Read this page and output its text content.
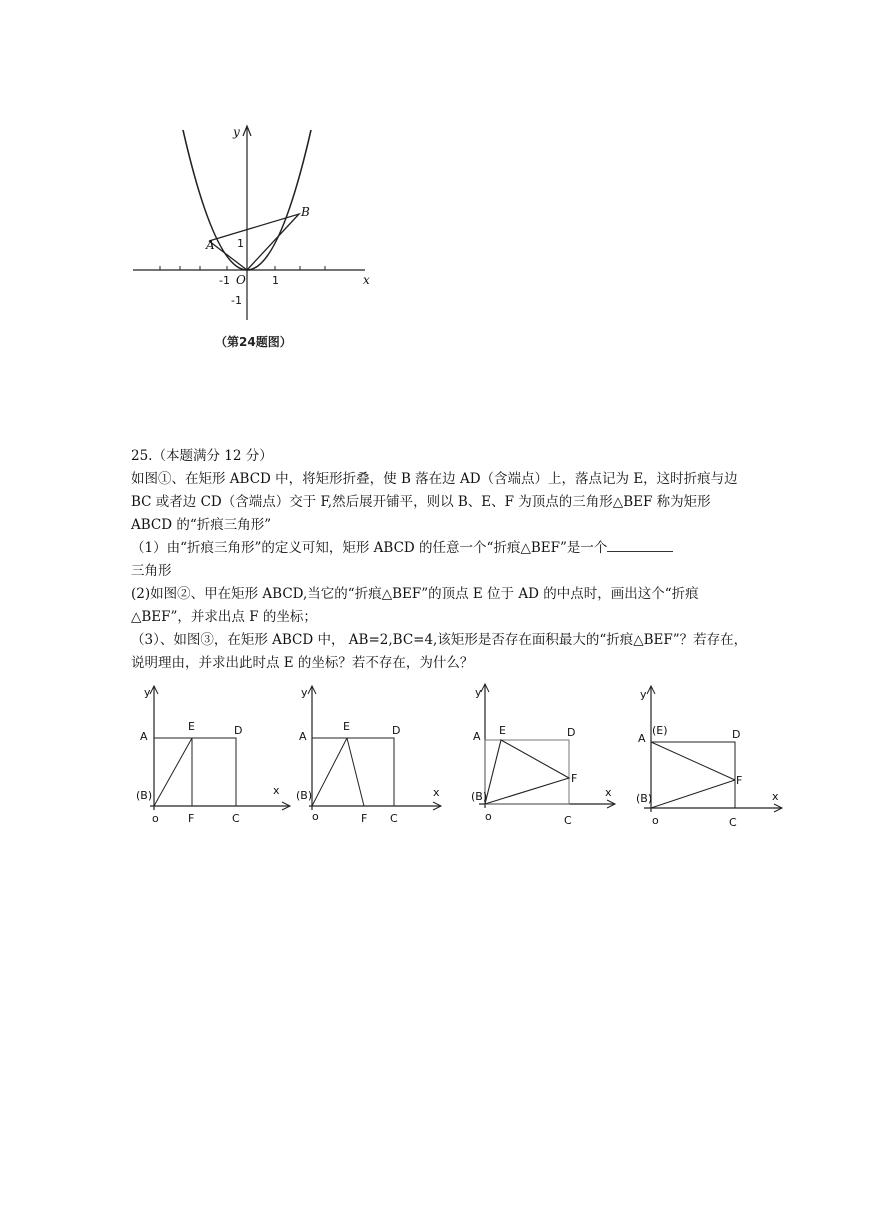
y
x
A
B
O
-1	1
1
-1
（第24题图）

25.（本题满分 12 分）

如图①、在矩形 ABCD 中，将矩形折叠，使 B 落在边 AD（含端点）上，落点记为 E，这时折痕与边 BC 或者边 CD（含端点）交于 F,然后展开铺平，则以 B、E、F 为顶点的三角形△BEF 称为矩形 ABCD 的“折痕三角形”

（1）由“折痕三角形”的定义可知，矩形 ABCD 的任意一个“折痕△BEF”是一个
三角形

(2)如图②、甲在矩形 ABCD,当它的“折痕△BEF”的顶点 E 位于 AD 的中点时，画出这个“折痕△BEF”，并求出点 F 的坐标；

（3）、如图③，在矩形 ABCD 中， AB=2,BC=4,该矩形是否存在面积最大的“折痕△BEF”？若存在，说明理由，并求出此时点 E 的坐标？若不存在，为什么？

y
x
A	D
E
(B)
o	F	C
y
x
A	D
E
(B)
o	F C
y
x
A	D
E
(B)
o
F
C
y
x
A	D
(E)
(B)
o
F
C
